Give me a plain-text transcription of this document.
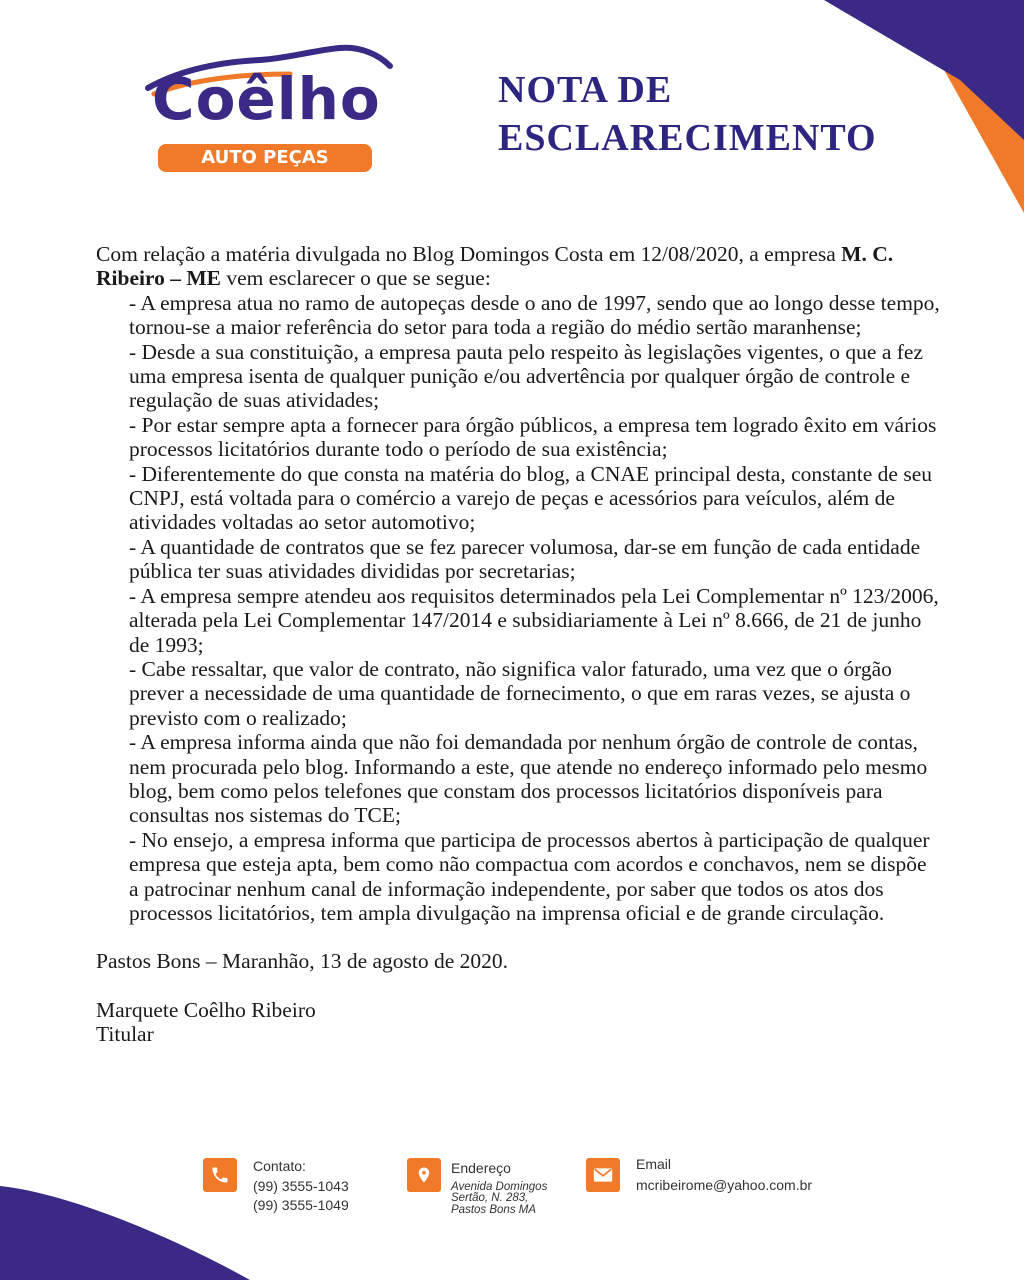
Coêlho
AUTO PEÇAS
NOTA DE
ESCLARECIMENTO

Com relação a matéria divulgada no Blog Domingos Costa em 12/08/2020, a empresa M. C. Ribeiro – ME vem esclarecer o que se segue:

- A empresa atua no ramo de autopeças desde o ano de 1997, sendo que ao longo desse tempo, tornou-se a maior referência do setor para toda a região do médio sertão maranhense;

- Desde a sua constituição, a empresa pauta pelo respeito às legislações vigentes, o que a fez uma empresa isenta de qualquer punição e/ou advertência por qualquer órgão de controle e regulação de suas atividades;

- Por estar sempre apta a fornecer para órgão públicos, a empresa tem logrado êxito em vários processos licitatórios durante todo o período de sua existência;

- Diferentemente do que consta na matéria do blog, a CNAE principal desta, constante de seu CNPJ, está voltada para o comércio a varejo de peças e acessórios para veículos, além de atividades voltadas ao setor automotivo;

- A quantidade de contratos que se fez parecer volumosa, dar-se em função de cada entidade pública ter suas atividades divididas por secretarias;

- A empresa sempre atendeu aos requisitos determinados pela Lei Complementar nº 123/2006, alterada pela Lei Complementar 147/2014 e subsidiariamente à Lei nº 8.666, de 21 de junho de 1993;

- Cabe ressaltar, que valor de contrato, não significa valor faturado, uma vez que o órgão prever a necessidade de uma quantidade de fornecimento, o que em raras vezes, se ajusta o previsto com o realizado;

- A empresa informa ainda que não foi demandada por nenhum órgão de controle de contas, nem procurada pelo blog. Informando a este, que atende no endereço informado pelo mesmo blog, bem como pelos telefones que constam dos processos licitatórios disponíveis para consultas nos sistemas do TCE;

- No ensejo, a empresa informa que participa de processos abertos à participação de qualquer empresa que esteja apta, bem como não compactua com acordos e conchavos, nem se dispõe a patrocinar nenhum canal de informação independente, por saber que todos os atos dos processos licitatórios, tem ampla divulgação na imprensa oficial e de grande circulação.

Pastos Bons – Maranhão, 13 de agosto de 2020.

Marquete Coêlho Ribeiro

Titular

Contato:
(99) 3555-1043
(99) 3555-1049
Endereço
Avenida Domingos
Sertão, N. 283,
Pastos Bons MA
Email
mcribeirome@yahoo.com.br
